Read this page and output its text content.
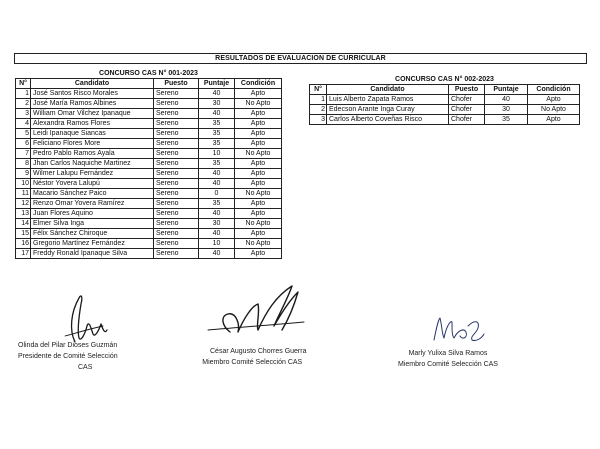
RESULTADOS DE EVALUACION DE CURRICULAR
CONCURSO CAS N° 001-2023				
N°	Candidato	Puesto	Puntaje	Condición
1	José Santos Risco Morales	Sereno	40	Apto
2	José María Ramos Albines	Sereno	30	No Apto
3	William Omar Vilchez Ipanaque	Sereno	40	Apto
4	Alexandra Ramos Flores	Sereno	35	Apto
5	Leidi Ipanaque Siancas	Sereno	35	Apto
6	Feliciano Flores More	Sereno	35	Apto
7	Pedro Pablo Ramos Ayala	Sereno	10	No Apto
8	Jhan Carlos Naquiche Martinez	Sereno	35	Apto
9	Wilmer Lalupu Fernández	Sereno	40	Apto
10	Néstor Yovera Lalupú	Sereno	40	Apto
11	Macario Sánchez Paico	Sereno	0	No Apto
12	Renzo Omar Yovera Ramírez	Sereno	35	Apto
13	Juan Flores Aquino	Sereno	40	Apto
14	Elmer Silva Inga	Sereno	30	No Apto
15	Félix Sánchez Chiroque	Sereno	40	Apto
16	Gregorio Martínez Fernández	Sereno	10	No Apto
17	Freddy Ronald Ipanaque Silva	Sereno	40	Apto
CONCURSO CAS N° 002-2023				
N°	Candidato	Puesto	Puntaje	Condición
1	Luis Alberto Zapata Ramos	Chofer	40	Apto
2	Edecson Arante Inga Curay	Chofer	30	No Apto
3	Carlos Alberto Coveñas Risco	Chofer	35	Apto
Olinda del Pilar Dioses Guzmán
Presidente de Comité Selección
CAS
César Augusto Chorres Guerra
Miembro Comité Selección CAS
Marly Yulixa Silva Ramos
Miembro Comité Selección CAS
